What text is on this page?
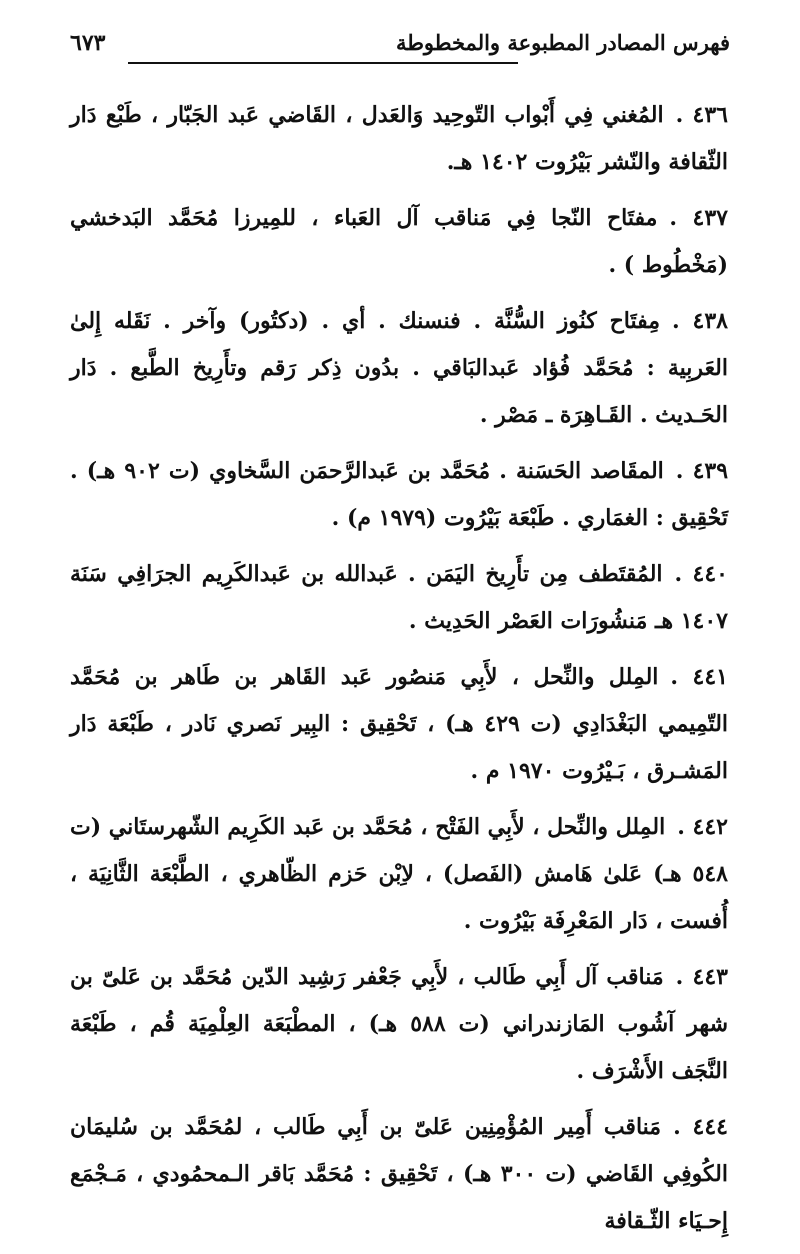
فهرس المصادر المطبوعة والمخطوطة
٦٧٣

٤٣٦ .المُغني فِي أَبْواب التّوحِيد وَالعَدل ، القَاضي عَبد الجَبّار ، طَبْع دَار الثّقافة والنّشر بَيْرُوت ١٤٠٢ هـ.

٤٣٧ .مفتَاح النّجا فِي مَناقب آل العَباء ، للمِيرزا مُحَمَّد البَدخشي (مَخْطُوط ) .

٤٣٨ .مِفتَاح كنُوز السُّنَّة . فنسنك . أي . (دكتُور) وآخر . نَقَله إِلىٰ العَربِية : مُحَمَّد فُؤاد عَبدالبَاقي . بدُون ذِكر رَقم وتأَرِيخ الطَّبع . دَار الحَـديث . القَـاهِرَة ـ مَصْر .

٤٣٩ .المقَاصد الحَسَنة . مُحَمَّد بن عَبدالرَّحمَن السَّخاوي (ت ٩٠٢ هـ) . تَحْقِيق : الغمَاري . طَبْعَة بَيْرُوت (١٩٧٩ م) .

٤٤٠ .المُقتَطف مِن تأَرِيخ اليَمَن . عَبدالله بن عَبدالكَرِيم الجرَافِي سَنَة ١٤٠٧ هـ مَنشُورَات العَصْر الحَدِيث .

٤٤١ .المِلل والنِّحل ، لأَبِي مَنصُور عَبد القَاهر بن طَاهر بن مُحَمَّد التّمِيمي البَغْدَادِي (ت ٤٢٩ هـ) ، تَحْقِيق : البِير نَصري نَادر ، طَبْعَة دَار المَشـرق ، بَـيْرُوت ١٩٧٠ م .

٤٤٢ .المِلل والنِّحل ، لأَبِي الفَتْح ، مُحَمَّد بن عَبد الكَرِيم الشّهرستَاني (ت ٥٤٨ هـ) عَلىٰ هَامش (الفَصل) ، لاِبْن حَزم الظّاهري ، الطَّبْعَة الثَّانِيَة ، أُفست ، دَار المَعْرِفَة بَيْرُوت .

٤٤٣ .مَناقب آل أَبِي طَالب ، لأَبِي جَعْفر رَشِيد الدّين مُحَمَّد بن عَلىّ بن شهر آشُوب المَازندراني (ت ٥٨٨ هـ) ، المطْبَعَة العِلْمِيَة قُم ، طَبْعَة النَّجَف الأَشْرَف .

٤٤٤ .مَناقب أَمِير المُؤْمِنِين عَلىّ بن أَبِي طَالب ، لمُحَمَّد بن سُليمَان الكُوفِي القَاضي (ت ٣٠٠ هـ) ، تَحْقِيق : مُحَمَّد بَاقر الـمحمُودي ، مَـجْمَع إِحـيَاء الثّـقافة
